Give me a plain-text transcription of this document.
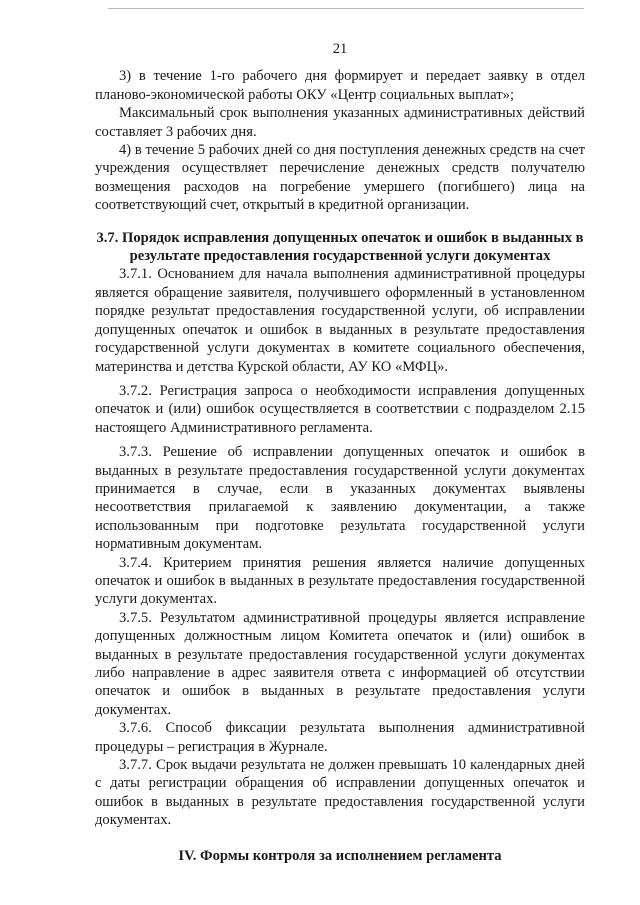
21

3) в течение 1-го рабочего дня формирует и передает заявку в отдел планово-экономической работы ОКУ «Центр социальных выплат»;

Максимальный срок выполнения указанных административных действий составляет 3 рабочих дня.

4) в течение 5 рабочих дней со дня поступления денежных средств на счет учреждения осуществляет перечисление денежных средств получателю возмещения расходов на погребение умершего (погибшего) лица на соответствующий счет, открытый в кредитной организации.

3.7. Порядок исправления допущенных опечаток и ошибок в выданных в результате предоставления государственной услуги документах

3.7.1. Основанием для начала выполнения административной процедуры является обращение заявителя, получившего оформленный в установленном порядке результат предоставления государственной услуги, об исправлении допущенных опечаток и ошибок в выданных в результате предоставления государственной услуги документах в комитете социального обеспечения, материнства и детства Курской области, АУ КО «МФЦ».

3.7.2. Регистрация запроса о необходимости исправления допущенных опечаток и (или) ошибок осуществляется в соответствии с подразделом 2.15 настоящего Административного регламента.

3.7.3. Решение об исправлении допущенных опечаток и ошибок в выданных в результате предоставления государственной услуги документах принимается в случае, если в указанных документах выявлены несоответствия прилагаемой к заявлению документации, а также использованным при подготовке результата государственной услуги нормативным документам.

3.7.4. Критерием принятия решения является наличие допущенных опечаток и ошибок в выданных в результате предоставления государственной услуги документах.

3.7.5. Результатом административной процедуры является исправление допущенных должностным лицом Комитета опечаток и (или) ошибок в выданных в результате предоставления государственной услуги документах либо направление в адрес заявителя ответа с информацией об отсутствии опечаток и ошибок в выданных в результате предоставления услуги документах.

3.7.6. Способ фиксации результата выполнения административной процедуры – регистрация в Журнале.

3.7.7. Срок выдачи результата не должен превышать 10 календарных дней с даты регистрации обращения об исправлении допущенных опечаток и ошибок в выданных в результате предоставления государственной услуги документах.

IV. Формы контроля за исполнением регламента
